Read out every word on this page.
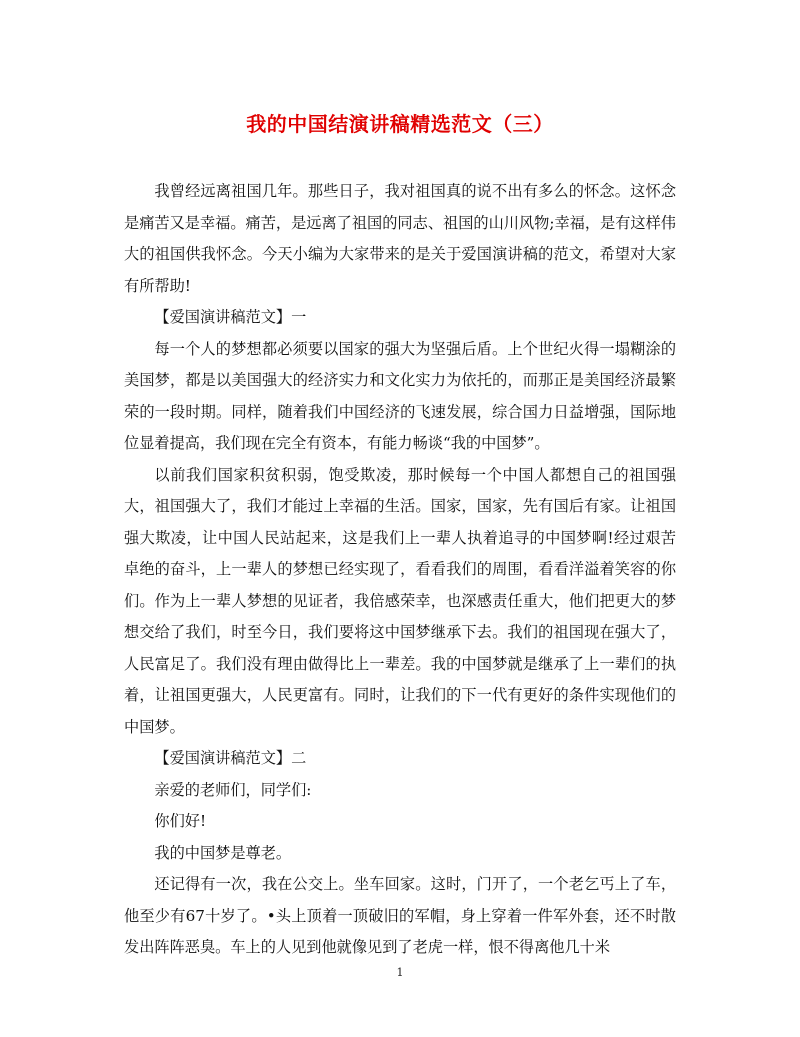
我的中国结演讲稿精选范文（三）

我曾经远离祖国几年。那些日子，我对祖国真的说不出有多么的怀念。这怀念是痛苦又是幸福。痛苦，是远离了祖国的同志、祖国的山川风物;幸福，是有这样伟大的祖国供我怀念。今天小编为大家带来的是关于爱国演讲稿的范文，希望对大家有所帮助!

【爱国演讲稿范文】一

每一个人的梦想都必须要以国家的强大为坚强后盾。上个世纪火得一塌糊涂的美国梦，都是以美国强大的经济实力和文化实力为依托的，而那正是美国经济最繁荣的一段时期。同样，随着我们中国经济的飞速发展，综合国力日益增强，国际地位显着提高，我们现在完全有资本，有能力畅谈“我的中国梦”。

以前我们国家积贫积弱，饱受欺凌，那时候每一个中国人都想自己的祖国强大，祖国强大了，我们才能过上幸福的生活。国家，国家，先有国后有家。让祖国强大欺凌，让中国人民站起来，这是我们上一辈人执着追寻的中国梦啊!经过艰苦卓绝的奋斗，上一辈人的梦想已经实现了，看看我们的周围，看看洋溢着笑容的你们。作为上一辈人梦想的见证者，我倍感荣幸，也深感责任重大，他们把更大的梦想交给了我们，时至今日，我们要将这中国梦继承下去。我们的祖国现在强大了，人民富足了。我们没有理由做得比上一辈差。我的中国梦就是继承了上一辈们的执着，让祖国更强大，人民更富有。同时，让我们的下一代有更好的条件实现他们的中国梦。

【爱国演讲稿范文】二

亲爱的老师们，同学们:

你们好!

我的中国梦是尊老。

还记得有一次，我在公交上。坐车回家。这时，门开了，一个老乞丐上了车，他至少有67十岁了。•头上顶着一顶破旧的军帽，身上穿着一件军外套，还不时散发出阵阵恶臭。车上的人见到他就像见到了老虎一样，恨不得离他几十米

1
